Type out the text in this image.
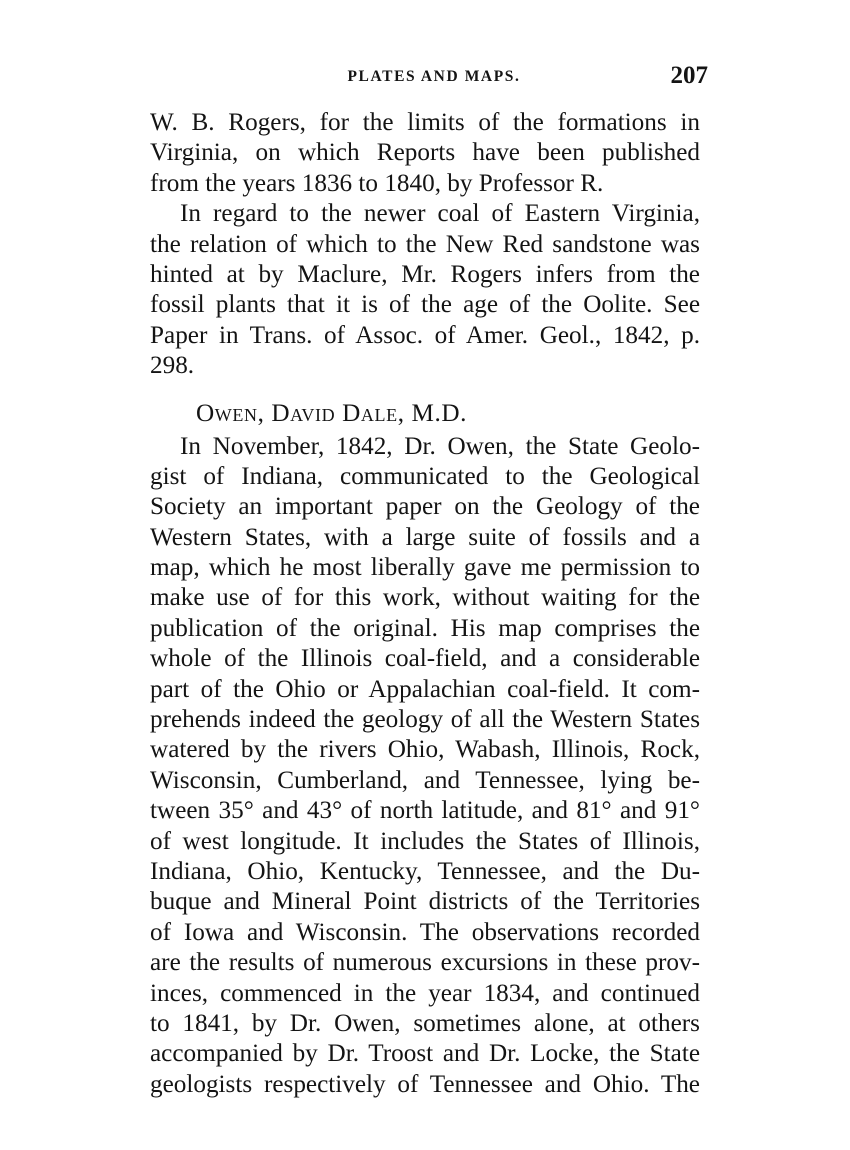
PLATES AND MAPS.	207
W. B. Rogers, for the limits of the formations in
Virginia, on which Reports have been published
from the years 1836 to 1840, by Professor R.
In regard to the newer coal of Eastern Virginia,
the relation of which to the New Red sandstone was
hinted at by Maclure, Mr. Rogers infers from the
fossil plants that it is of the age of the Oolite. See
Paper in Trans. of Assoc. of Amer. Geol., 1842, p.
298.
Owen, David Dale, M.D.
In November, 1842, Dr. Owen, the State Geolo-
gist of Indiana, communicated to the Geological
Society an important paper on the Geology of the
Western States, with a large suite of fossils and a
map, which he most liberally gave me permission to
make use of for this work, without waiting for the
publication of the original. His map comprises the
whole of the Illinois coal-field, and a considerable
part of the Ohio or Appalachian coal-field. It com-
prehends indeed the geology of all the Western States
watered by the rivers Ohio, Wabash, Illinois, Rock,
Wisconsin, Cumberland, and Tennessee, lying be-
tween 35° and 43° of north latitude, and 81° and 91°
of west longitude. It includes the States of Illinois,
Indiana, Ohio, Kentucky, Tennessee, and the Du-
buque and Mineral Point districts of the Territories
of Iowa and Wisconsin. The observations recorded
are the results of numerous excursions in these prov-
inces, commenced in the year 1834, and continued
to 1841, by Dr. Owen, sometimes alone, at others
accompanied by Dr. Troost and Dr. Locke, the State
geologists respectively of Tennessee and Ohio. The
